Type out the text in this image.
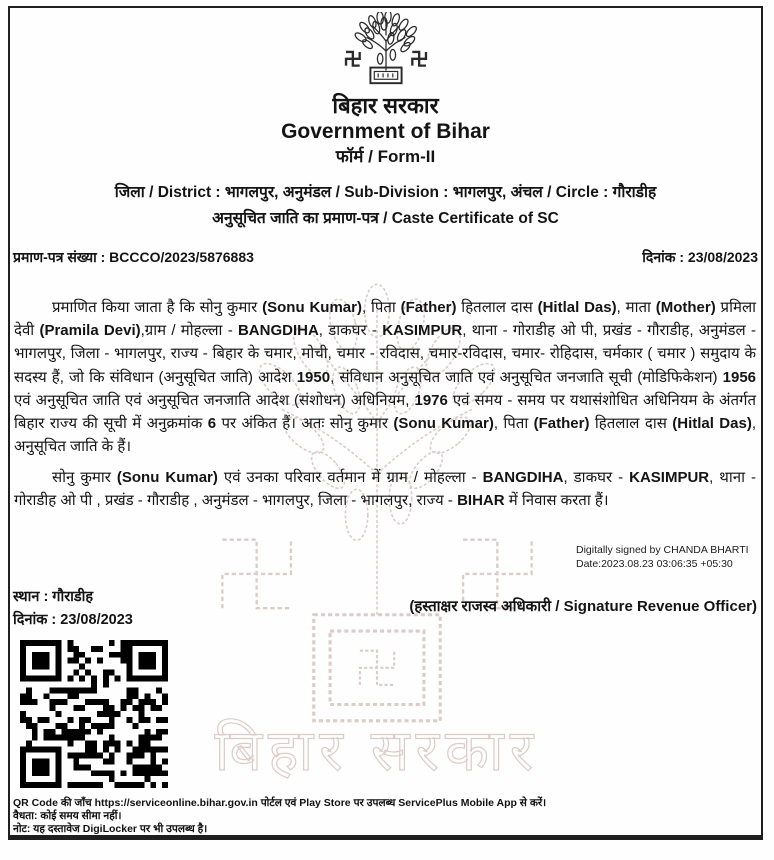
बिहार सरकार
बिहार सरकार
Government of Bihar
फॉर्म / Form-II
जिला / District : भागलपुर, अनुमंडल / Sub-Division : भागलपुर, अंचल / Circle : गौराडीह
अनुसूचित जाति का प्रमाण-पत्र / Caste Certificate of SC
प्रमाण-पत्र संख्या : BCCCO/2023/5876883	दिनांक : 23/08/2023

प्रमाणित किया जाता है कि सोनु कुमार (Sonu Kumar), पिता (Father) हितलाल दास (Hitlal Das), माता (Mother) प्रमिला देवी (Pramila Devi),ग्राम / मोहल्ला - BANGDIHA, डाकघर - KASIMPUR, थाना - गोराडीह ओ पी, प्रखंड - गौराडीह, अनुमंडल - भागलपुर, जिला - भागलपुर, राज्य - बिहार के चमार, मोची, चमार - रविदास, चमार-रविदास, चमार- रोहिदास, चर्मकार ( चमार ) समुदाय के सदस्य हैं, जो कि संविधान (अनुसूचित जाति) आदेश 1950, संविधान अनुसूचित जाति एवं अनुसूचित जनजाति सूची (मोडिफिकेशन) 1956 एवं अनुसूचित जाति एवं अनुसूचित जनजाति आदेश (संशोधन) अधिनियम, 1976 एवं समय - समय पर यथासंशोधित अधिनियम के अंतर्गत बिहार राज्य की सूची में अनुक्रमांक 6 पर अंकित हैं। अतः सोनु कुमार (Sonu Kumar), पिता (Father) हितलाल दास (Hitlal Das), अनुसूचित जाति के हैं।

सोनु कुमार (Sonu Kumar) एवं उनका परिवार वर्तमान में ग्राम / मोहल्ला - BANGDIHA, डाकघर - KASIMPUR, थाना - गोराडीह ओ पी , प्रखंड - गौराडीह , अनुमंडल - भागलपुर, जिला - भागलपुर, राज्य - BIHAR में निवास करता हैं।

Digitally signed by CHANDA BHARTI
Date:2023.08.23 03:06:35 +05:30
(हस्ताक्षर राजस्व अधिकारी / Signature Revenue Officer)
स्थान : गौराडीह
दिनांक : 23/08/2023
QR Code की जाँच https://serviceonline.bihar.gov.in पोर्टल एवं Play Store पर उपलब्ध ServicePlus Mobile App से करें।
वैधता: कोई समय सीमा नहीं।
नोट: यह दस्तावेज DigiLocker पर भी उपलब्ध है।
